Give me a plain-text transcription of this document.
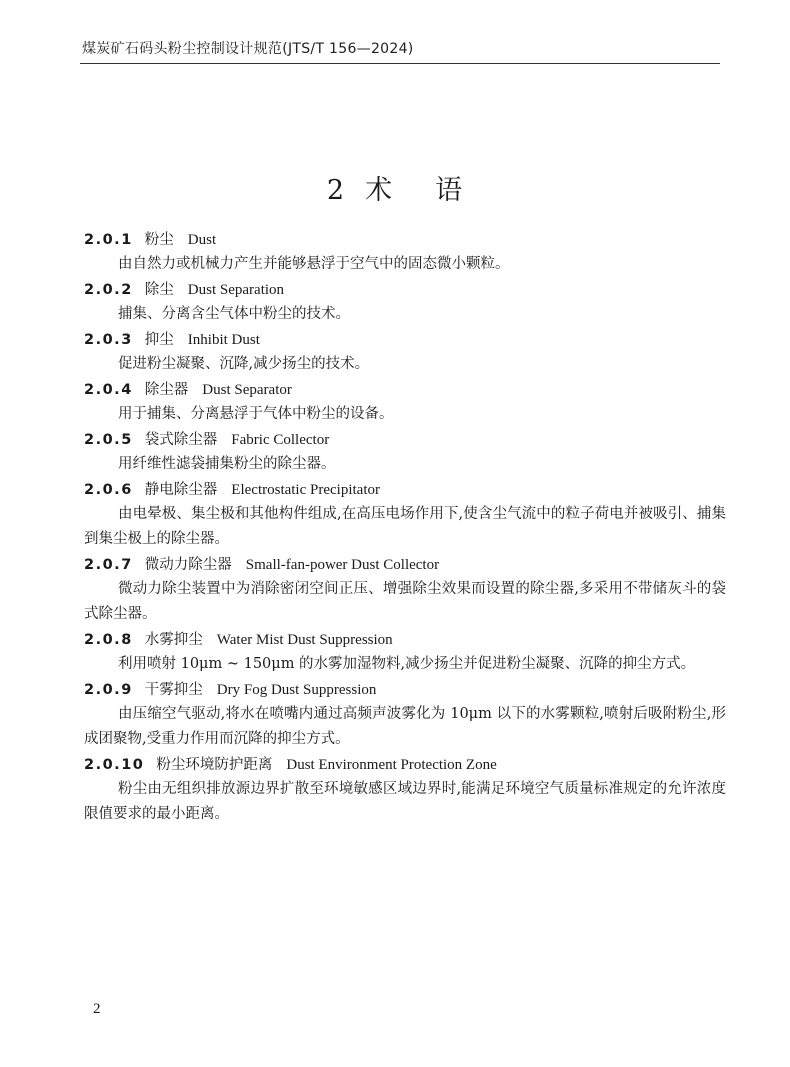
煤炭矿石码头粉尘控制设计规范(JTS/T 156—2024)
2 术 语
2.0.1 粉尘 Dust

由自然力或机械力产生并能够悬浮于空气中的固态微小颗粒。

2.0.2 除尘 Dust Separation

捕集、分离含尘气体中粉尘的技术。

2.0.3 抑尘 Inhibit Dust

促进粉尘凝聚、沉降,减少扬尘的技术。

2.0.4 除尘器 Dust Separator

用于捕集、分离悬浮于气体中粉尘的设备。

2.0.5 袋式除尘器 Fabric Collector

用纤维性滤袋捕集粉尘的除尘器。

2.0.6 静电除尘器 Electrostatic Precipitator

由电晕极、集尘极和其他构件组成,在高压电场作用下,使含尘气流中的粒子荷电并被吸引、捕集到集尘极上的除尘器。

2.0.7 微动力除尘器 Small-fan-power Dust Collector

微动力除尘装置中为消除密闭空间正压、增强除尘效果而设置的除尘器,多采用不带储灰斗的袋式除尘器。

2.0.8 水雾抑尘 Water Mist Dust Suppression

利用喷射 10μm ~ 150μm 的水雾加湿物料,减少扬尘并促进粉尘凝聚、沉降的抑尘方式。

2.0.9 干雾抑尘 Dry Fog Dust Suppression

由压缩空气驱动,将水在喷嘴内通过高频声波雾化为 10μm 以下的水雾颗粒,喷射后吸附粉尘,形成团聚物,受重力作用而沉降的抑尘方式。

2.0.10 粉尘环境防护距离 Dust Environment Protection Zone

粉尘由无组织排放源边界扩散至环境敏感区域边界时,能满足环境空气质量标准规定的允许浓度限值要求的最小距离。

2
